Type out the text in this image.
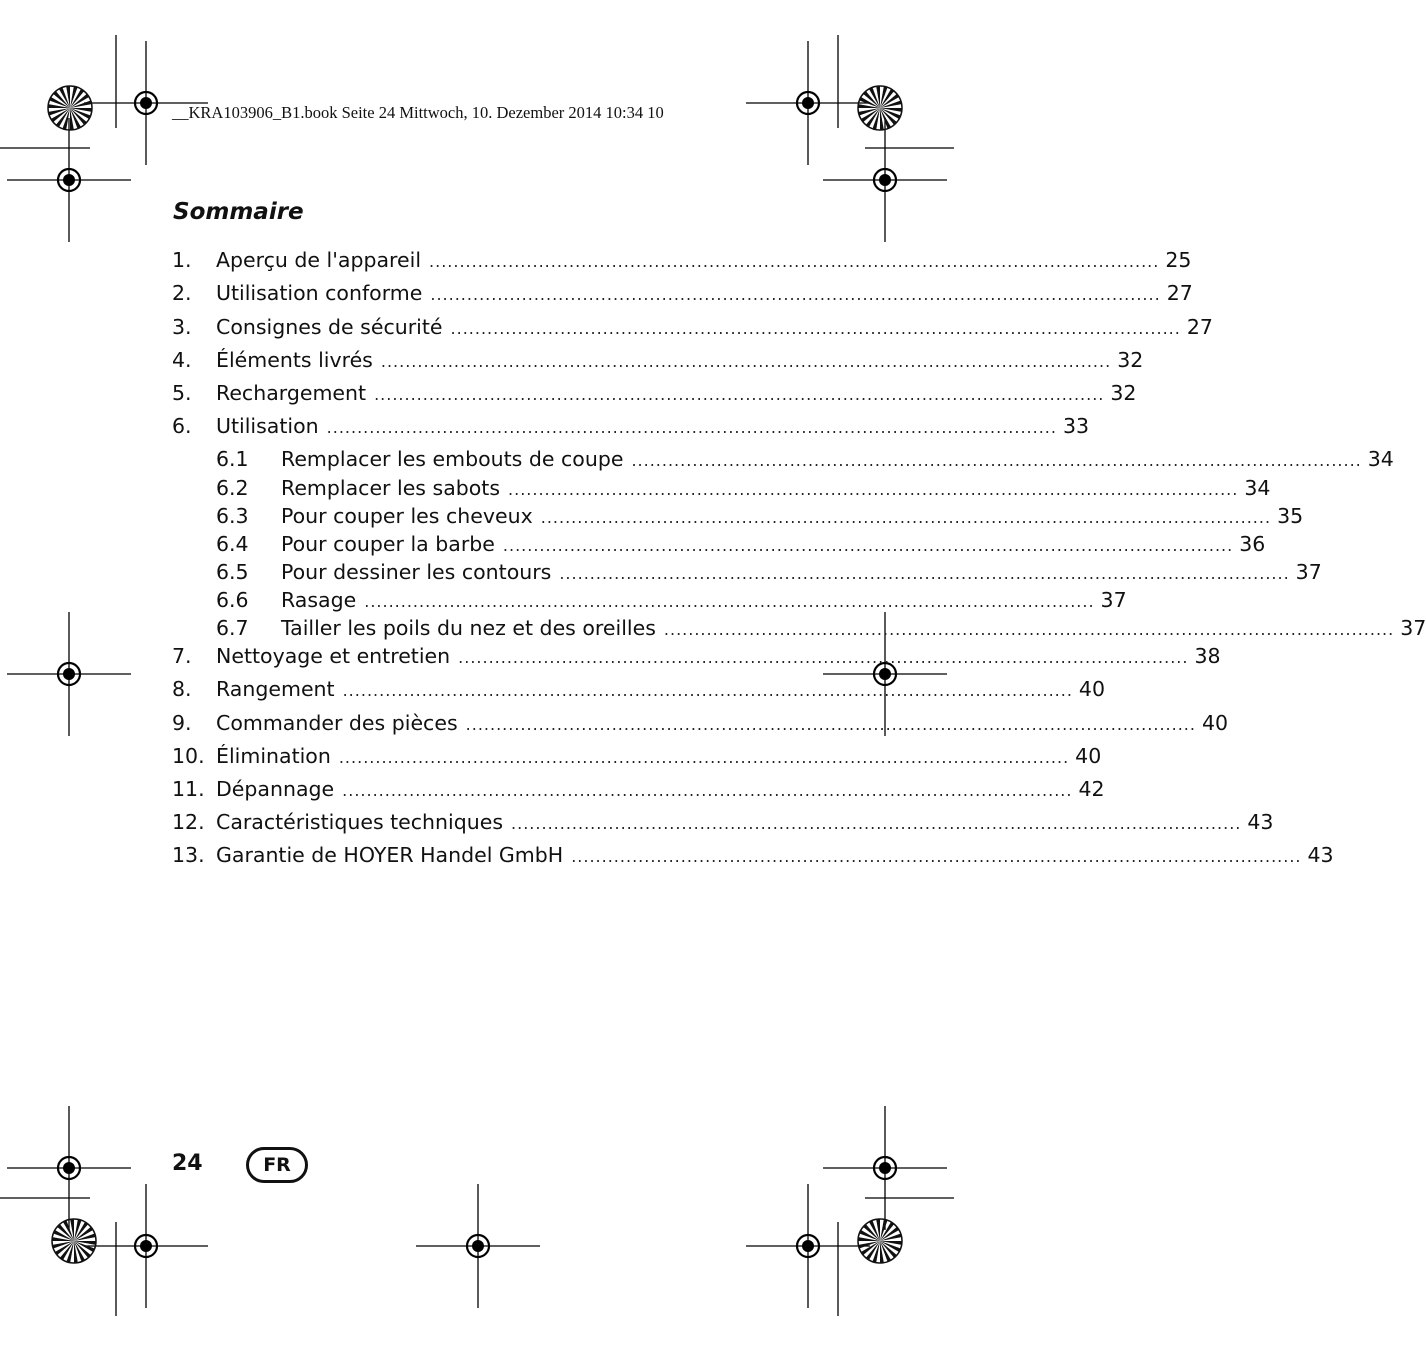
__KRA103906_B1.book Seite 24 Mittwoch, 10. Dezember 2014 10:34 10
Sommaire
1.	Aperçu de l'appareil ........................................................................................................................ 25
2.	Utilisation conforme ........................................................................................................................ 27
3.	Consignes de sécurité ........................................................................................................................ 27
4.	Éléments livrés ........................................................................................................................ 32
5.	Rechargement ........................................................................................................................ 32
6.	Utilisation ........................................................................................................................ 33
6.1	Remplacer les embouts de coupe ........................................................................................................................ 34
6.2	Remplacer les sabots ........................................................................................................................ 34
6.3	Pour couper les cheveux ........................................................................................................................ 35
6.4	Pour couper la barbe ........................................................................................................................ 36
6.5	Pour dessiner les contours ........................................................................................................................ 37
6.6	Rasage ........................................................................................................................ 37
6.7	Tailler les poils du nez et des oreilles ........................................................................................................................ 37
7.	Nettoyage et entretien ........................................................................................................................ 38
8.	Rangement ........................................................................................................................ 40
9.	Commander des pièces ........................................................................................................................ 40
10. Élimination ........................................................................................................................ 40
11. Dépannage ........................................................................................................................ 42
12. Caractéristiques techniques ........................................................................................................................ 43
13. Garantie de HOYER Handel GmbH ........................................................................................................................ 43
24	FR
